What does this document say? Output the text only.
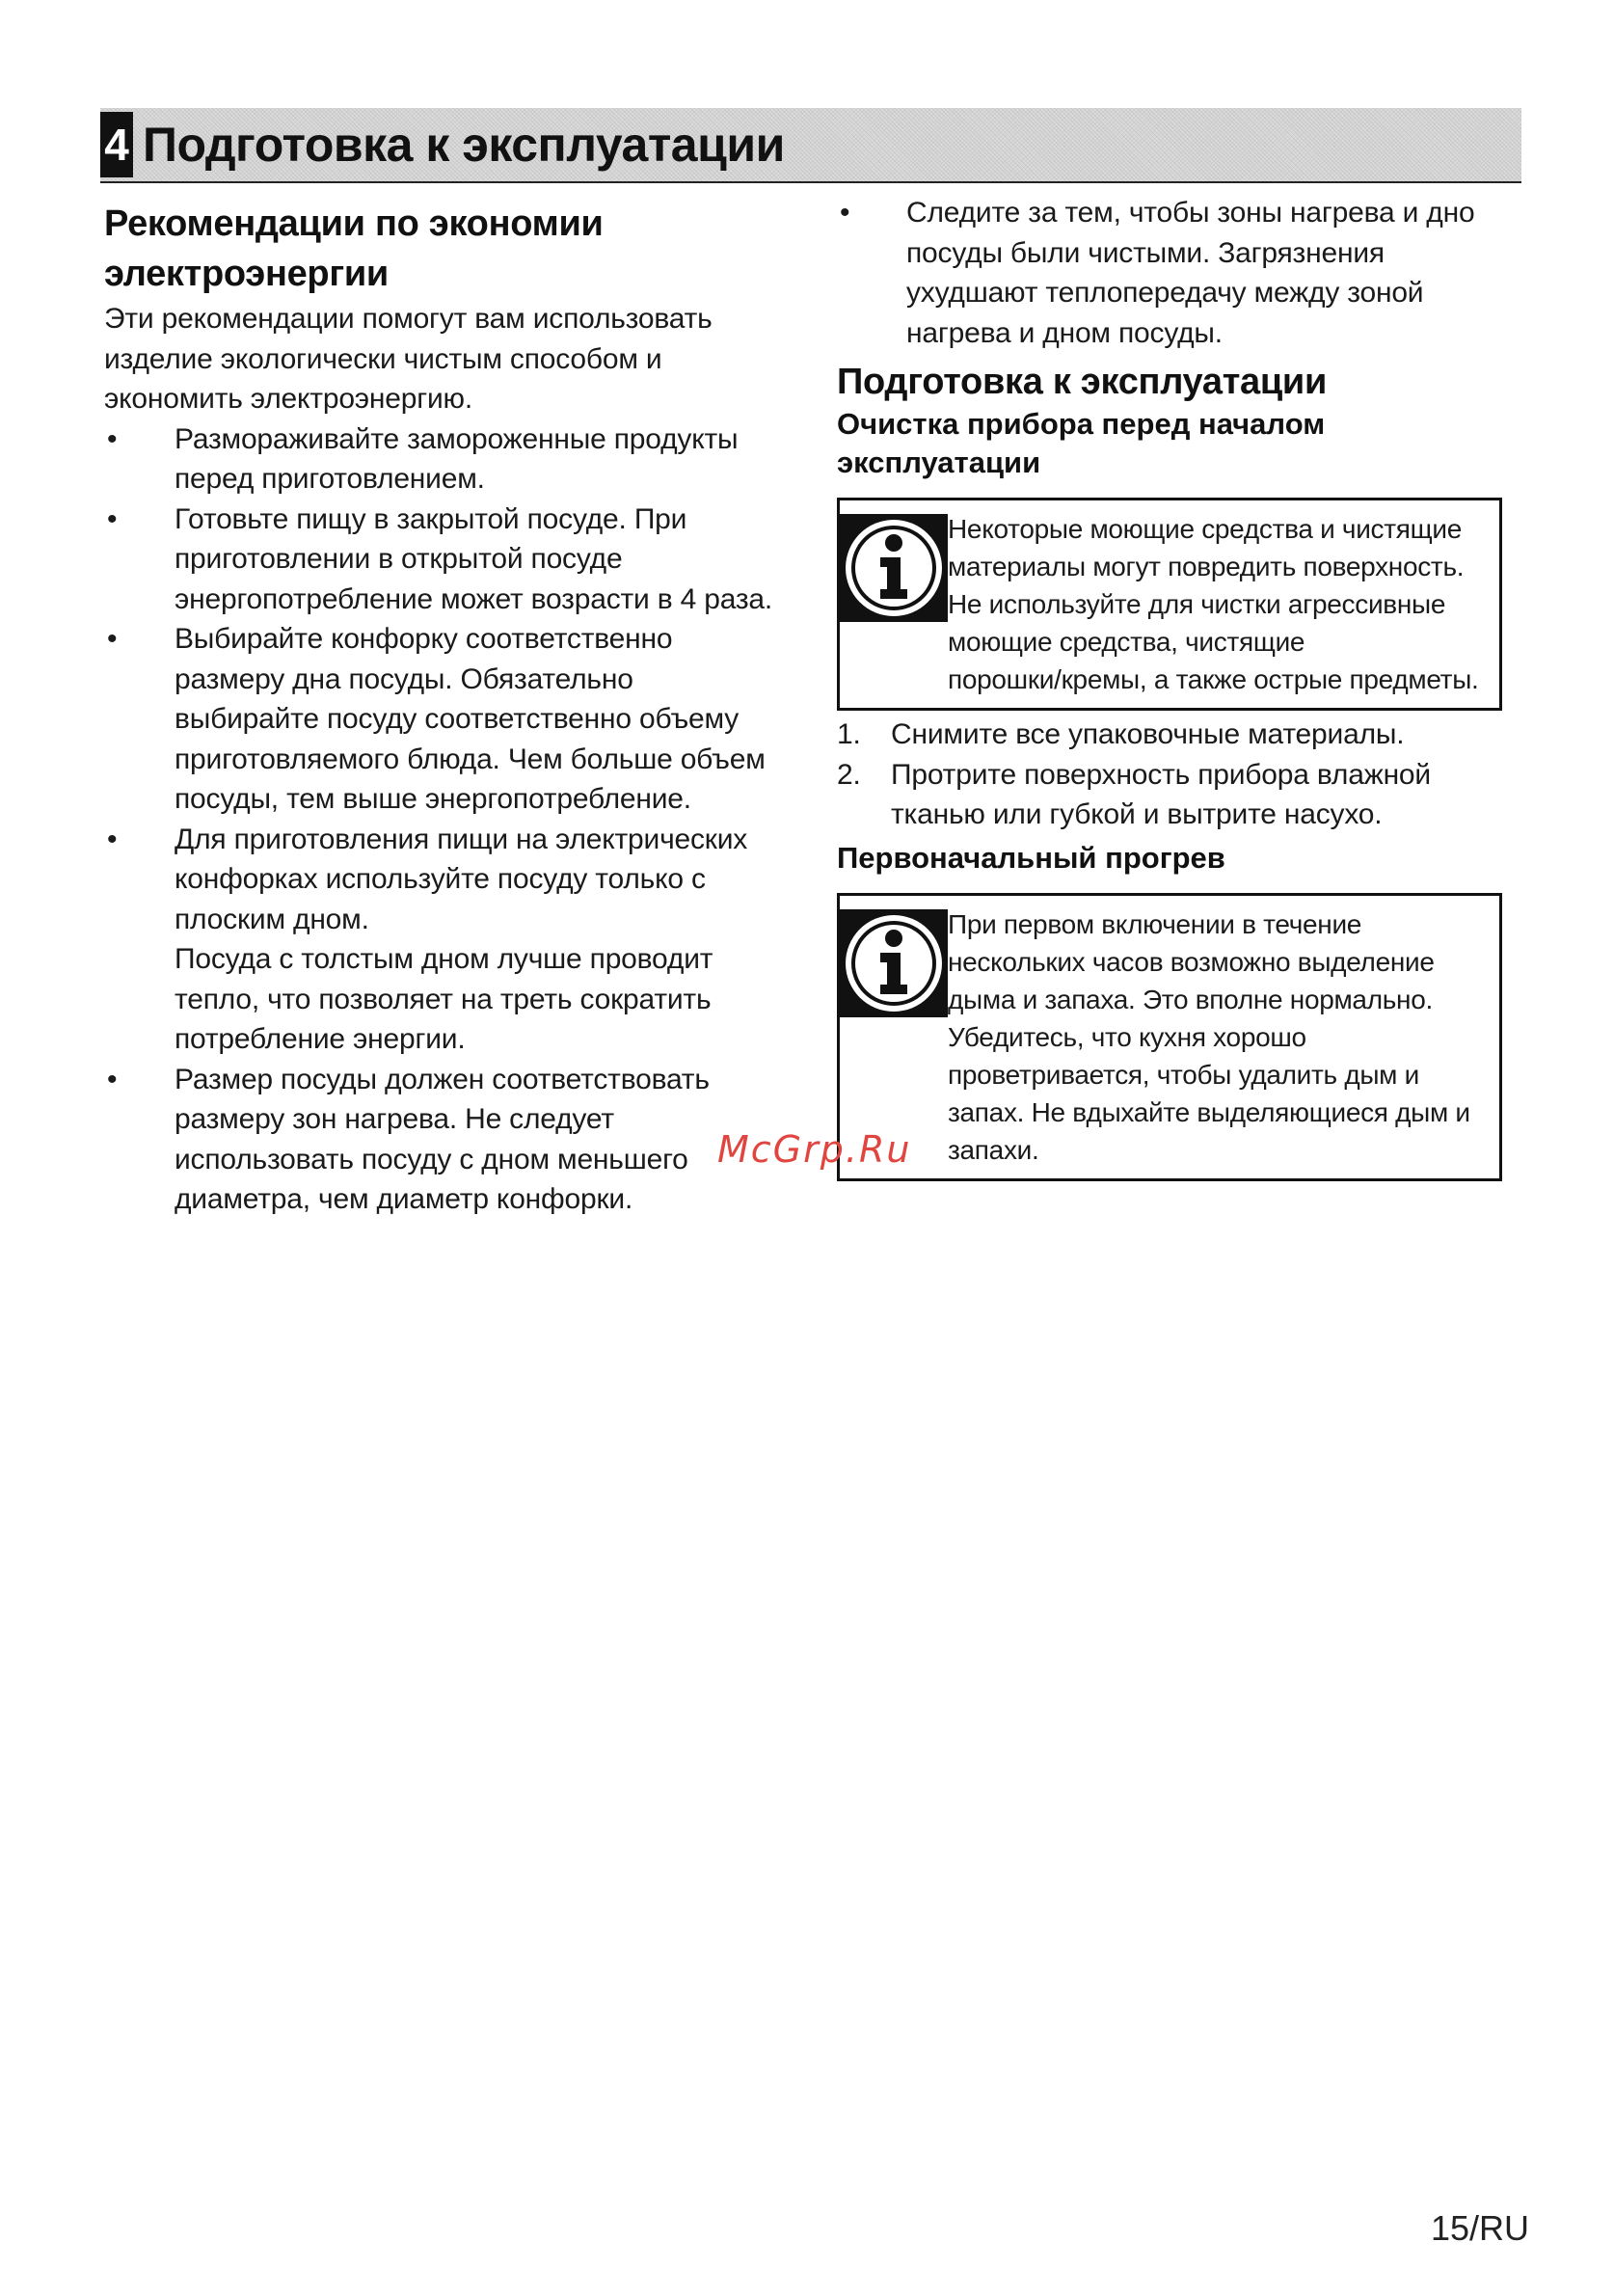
4 Подготовка к эксплуатации
Рекомендации по экономии
электроэнергии

Эти рекомендации помогут вам использовать
изделие экологически чистым способом и
экономить электроэнергию.

• Размораживайте замороженные продукты
перед приготовлением.
• Готовьте пищу в закрытой посуде. При
приготовлении в открытой посуде
энергопотребление может возрасти в 4 раза.
• Выбирайте конфорку соответственно
размеру дна посуды. Обязательно
выбирайте посуду соответственно объему
приготовляемого блюда. Чем больше объем
посуды, тем выше энергопотребление.
• Для приготовления пищи на электрических
конфорках используйте посуду только с
плоским дном.
Посуда с толстым дном лучше проводит
тепло, что позволяет на треть сократить
потребление энергии.
• Размер посуды должен соответствовать
размеру зон нагрева. Не следует
использовать посуду с дном меньшего
диаметра, чем диаметр конфорки.
• Следите за тем, чтобы зоны нагрева и дно
посуды были чистыми. Загрязнения
ухудшают теплопередачу между зоной
нагрева и дном посуды.
Подготовка к эксплуатации
Очистка прибора перед началом эксплуатации
Некоторые моющие средства и чистящие
материалы могут повредить поверхность.
Не используйте для чистки агрессивные
моющие средства, чистящие
порошки/кремы, а также острые предметы.
1. Снимите все упаковочные материалы.
2. Протрите поверхность прибора влажной
тканью или губкой и вытрите насухо.
Первоначальный прогрев
При первом включении в течение
нескольких часов возможно выделение
дыма и запаха. Это вполне нормально.
Убедитесь, что кухня хорошо
проветривается, чтобы удалить дым и
запах. Не вдыхайте выделяющиеся дым и
запахи.
McGrp.Ru
15/RU
